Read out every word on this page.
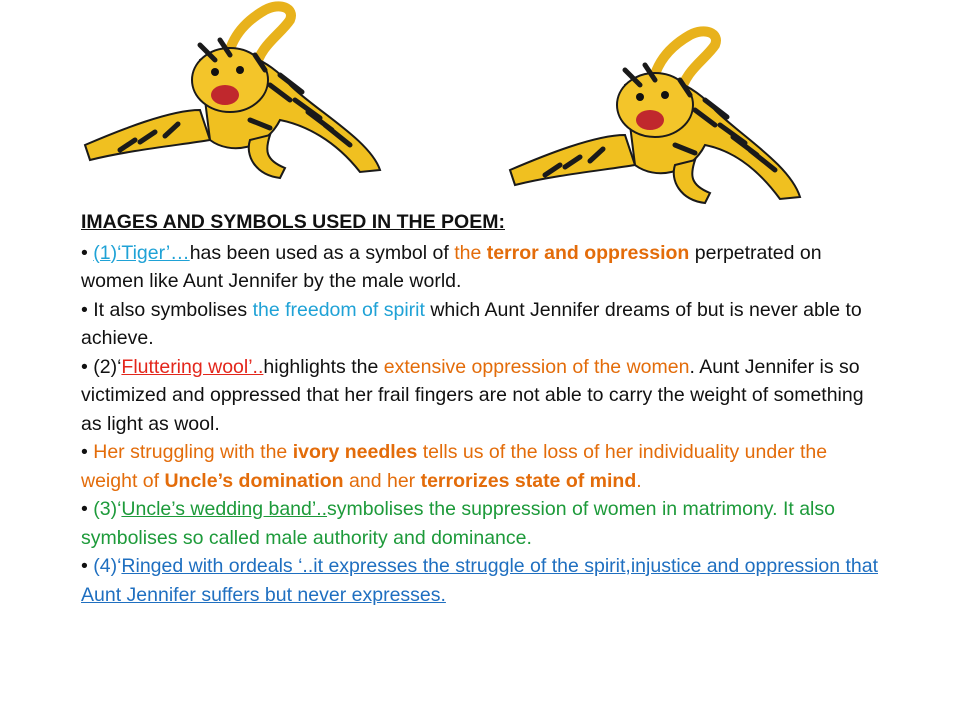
IMAGES AND SYMBOLS USED IN THE POEM:

• (1)‘Tiger’…has been used as a symbol of the terror and oppression perpetrated on women like Aunt Jennifer by the male world.

• It also symbolises the freedom of spirit which Aunt Jennifer dreams of but is never able to achieve.

• (2)‘Fluttering wool’..highlights the extensive oppression of the women. Aunt Jennifer is so victimized and oppressed that her frail fingers are not able to carry the weight of something as light as wool.

• Her struggling with the ivory needles tells us of the loss of her individuality under the weight of Uncle’s domination and her terrorizes state of mind.

• (3)‘Uncle’s wedding band’..symbolises the suppression of women in matrimony. It also symbolises so called male authority and dominance.

• (4)‘Ringed with ordeals ‘..it expresses the struggle of the spirit,injustice and oppression that Aunt Jennifer suffers but never expresses.
